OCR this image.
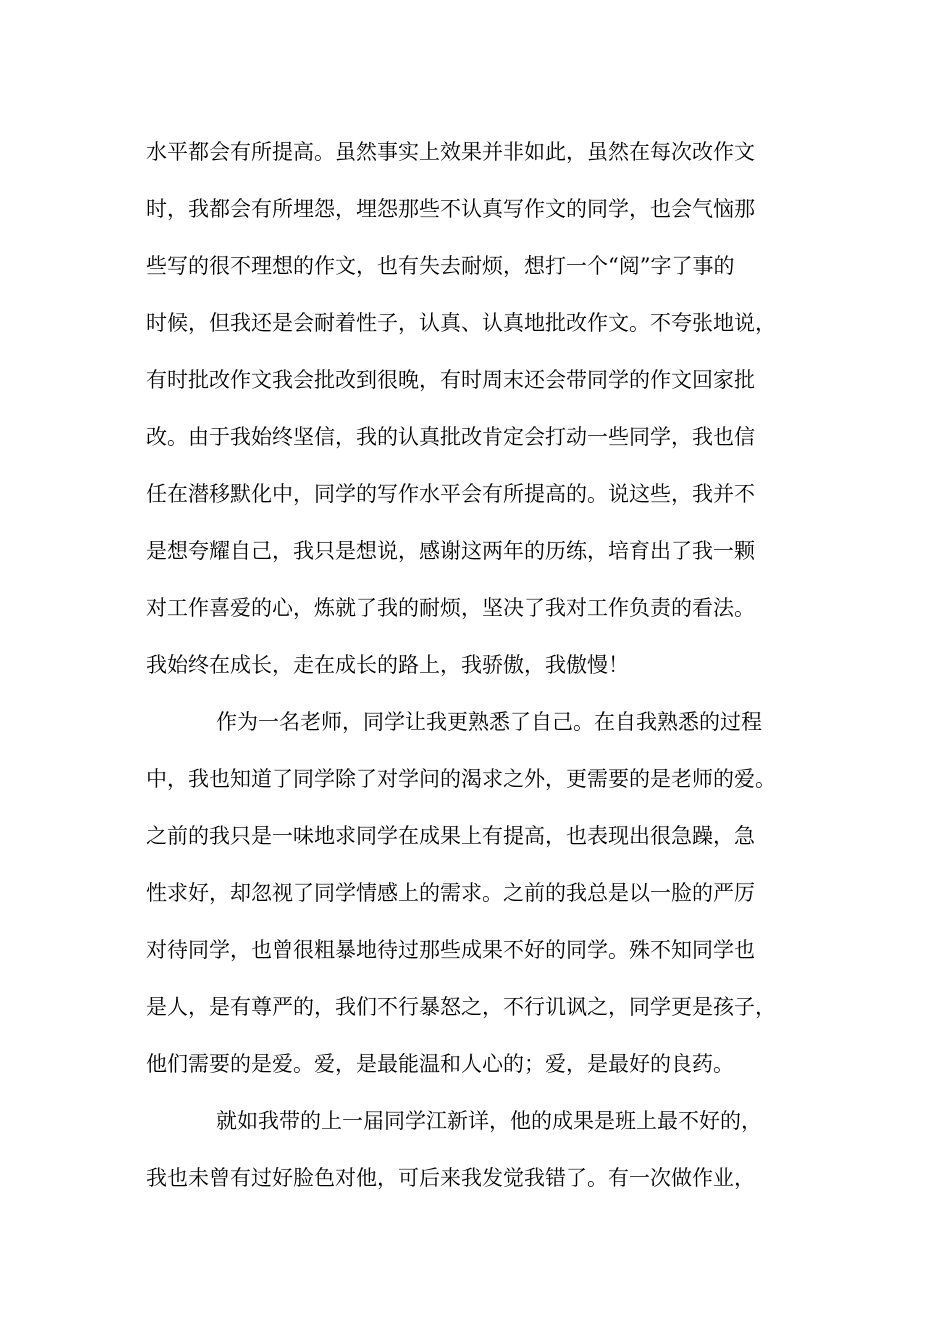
水平都会有所提高。虽然事实上效果并非如此，虽然在每次改作文
时，我都会有所埋怨，埋怨那些不认真写作文的同学，也会气恼那
些写的很不理想的作文，也有失去耐烦，想打一个“阅”字了事的
时候，但我还是会耐着性子，认真、认真地批改作文。不夸张地说，
有时批改作文我会批改到很晚，有时周末还会带同学的作文回家批
改。由于我始终坚信，我的认真批改肯定会打动一些同学，我也信
任在潜移默化中，同学的写作水平会有所提高的。说这些，我并不
是想夸耀自己，我只是想说，感谢这两年的历练，培育出了我一颗
对工作喜爱的心，炼就了我的耐烦，坚决了我对工作负责的看法。
我始终在成长，走在成长的路上，我骄傲，我傲慢！
作为一名老师，同学让我更熟悉了自己。在自我熟悉的过程
中，我也知道了同学除了对学问的渴求之外，更需要的是老师的爱。
之前的我只是一味地求同学在成果上有提高，也表现出很急躁，急
性求好，却忽视了同学情感上的需求。之前的我总是以一脸的严厉
对待同学，也曾很粗暴地待过那些成果不好的同学。殊不知同学也
是人，是有尊严的，我们不行暴怒之，不行讥讽之，同学更是孩子，
他们需要的是爱。爱，是最能温和人心的；爱，是最好的良药。
就如我带的上一届同学江新详，他的成果是班上最不好的，
我也未曾有过好脸色对他，可后来我发觉我错了。有一次做作业，
